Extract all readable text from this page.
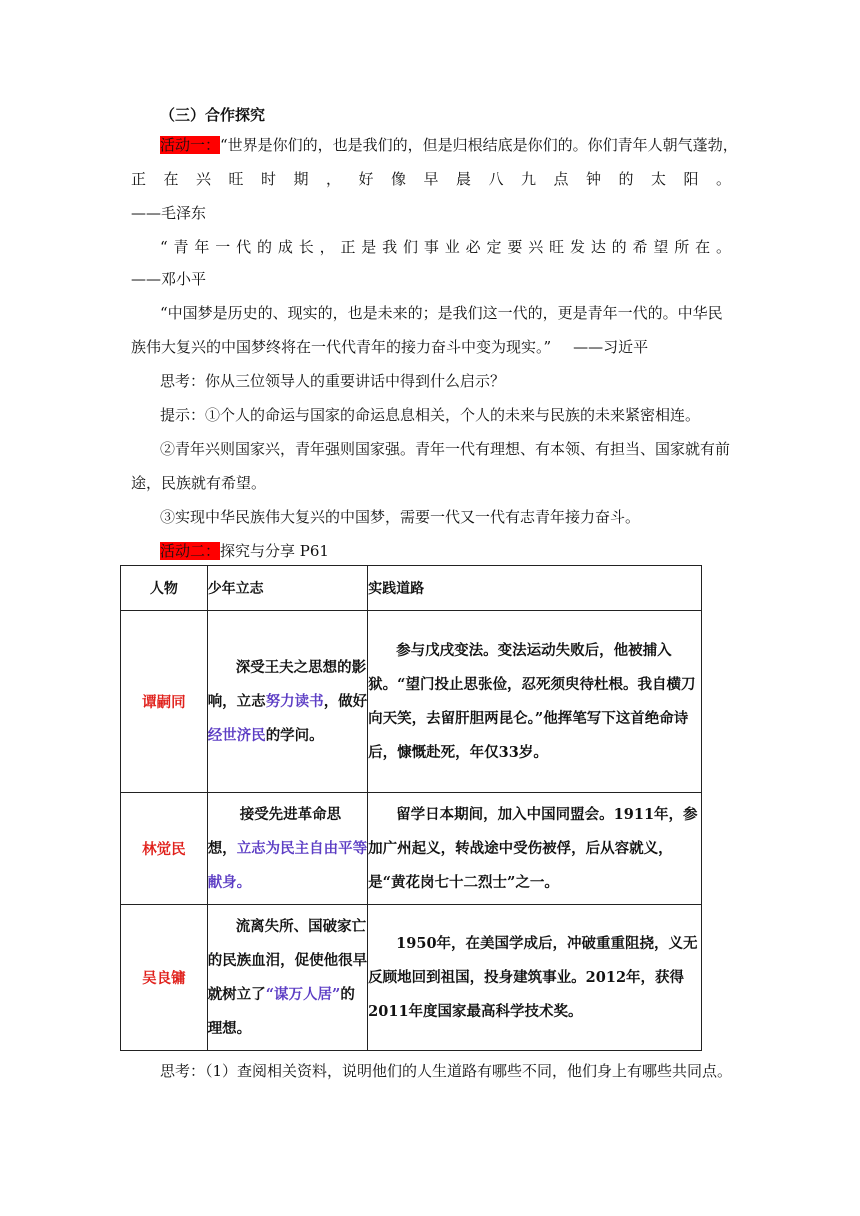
（三）合作探究
活动一：“世界是你们的，也是我们的，但是归根结底是你们的。你们青年人朝气蓬勃，
正在兴旺时期，好像早晨八九点钟的太阳。
——毛泽东
“青年一代的成长，正是我们事业必定要兴旺发达的希望所在。
——邓小平
“中国梦是历史的、现实的，也是未来的；是我们这一代的，更是青年一代的。中华民
族伟大复兴的中国梦终将在一代代青年的接力奋斗中变为现实。” ——习近平
思考：你从三位领导人的重要讲话中得到什么启示？
提示：①个人的命运与国家的命运息息相关，个人的未来与民族的未来紧密相连。
②青年兴则国家兴，青年强则国家强。青年一代有理想、有本领、有担当、国家就有前
途，民族就有希望。
③实现中华民族伟大复兴的中国梦，需要一代又一代有志青年接力奋斗。
活动二：探究与分享 P61
人物	少年立志	实践道路
谭嗣同	深受王夫之思想的影响，立志努力读书，做好经世济民的学问。	参与戊戌变法。变法运动失败后，他被捕入狱。“望门投止思张俭，忍死须臾待杜根。我自横刀向天笑，去留肝胆两昆仑。”他挥笔写下这首绝命诗后，慷慨赴死，年仅33岁。
林觉民	接受先进革命思想，立志为民主自由平等献身。	留学日本期间，加入中国同盟会。1911年，参加广州起义，转战途中受伤被俘，后从容就义，是“黄花岗七十二烈士”之一。
吴良镛	流离失所、国破家亡的民族血泪，促使他很早就树立了“谋万人居”的理想。	1950年，在美国学成后，冲破重重阻挠，义无反顾地回到祖国，投身建筑事业。2012年，获得2011年度国家最高科学技术奖。
思考：（1）查阅相关资料，说明他们的人生道路有哪些不同，他们身上有哪些共同点。
